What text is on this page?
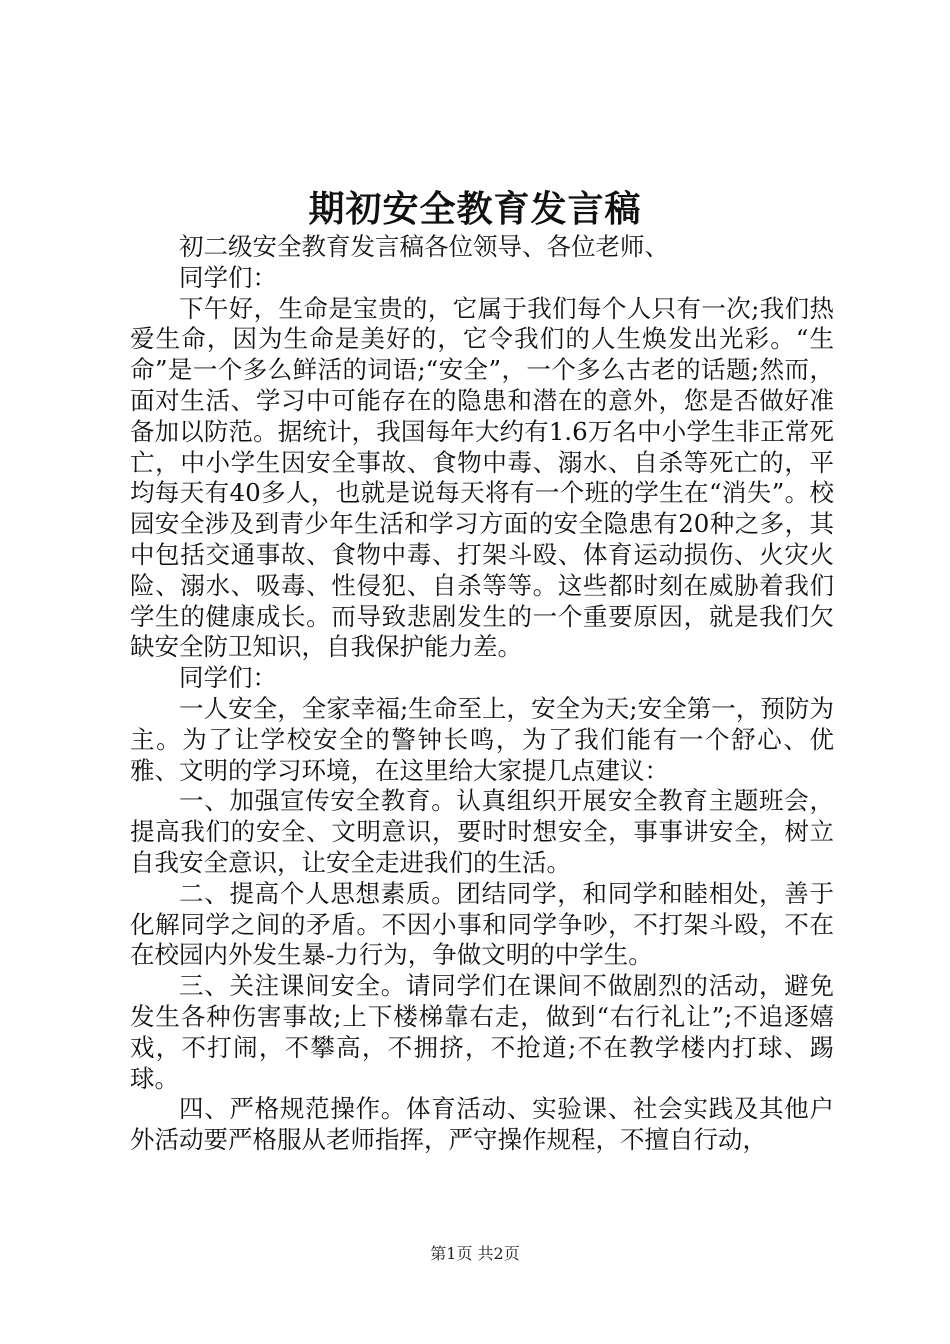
期初安全教育发言稿

初二级安全教育发言稿各位领导、各位老师、

同学们：

下午好，生命是宝贵的，它属于我们每个人只有一次;我们热爱生命，因为生命是美好的，它令我们的人生焕发出光彩。“生命”是一个多么鲜活的词语;“安全”，一个多么古老的话题;然而，面对生活、学习中可能存在的隐患和潜在的意外，您是否做好准备加以防范。据统计，我国每年大约有1.6万名中小学生非正常死亡，中小学生因安全事故、食物中毒、溺水、自杀等死亡的，平均每天有40多人，也就是说每天将有一个班的学生在“消失”。校园安全涉及到青少年生活和学习方面的安全隐患有20种之多，其中包括交通事故、食物中毒、打架斗殴、体育运动损伤、火灾火险、溺水、吸毒、性侵犯、自杀等等。这些都时刻在威胁着我们学生的健康成长。而导致悲剧发生的一个重要原因，就是我们欠缺安全防卫知识，自我保护能力差。

同学们：

一人安全，全家幸福;生命至上，安全为天;安全第一，预防为主。为了让学校安全的警钟长鸣，为了我们能有一个舒心、优雅、文明的学习环境，在这里给大家提几点建议：

一、加强宣传安全教育。认真组织开展安全教育主题班会，提高我们的安全、文明意识，要时时想安全，事事讲安全，树立自我安全意识，让安全走进我们的生活。

二、提高个人思想素质。团结同学，和同学和睦相处，善于化解同学之间的矛盾。不因小事和同学争吵，不打架斗殴，不在在校园内外发生暴-力行为，争做文明的中学生。

三、关注课间安全。请同学们在课间不做剧烈的活动，避免发生各种伤害事故;上下楼梯靠右走，做到“右行礼让”;不追逐嬉戏，不打闹，不攀高，不拥挤，不抢道;不在教学楼内打球、踢球。

四、严格规范操作。体育活动、实验课、社会实践及其他户外活动要严格服从老师指挥，严守操作规程，不擅自行动，

第1页 共2页
